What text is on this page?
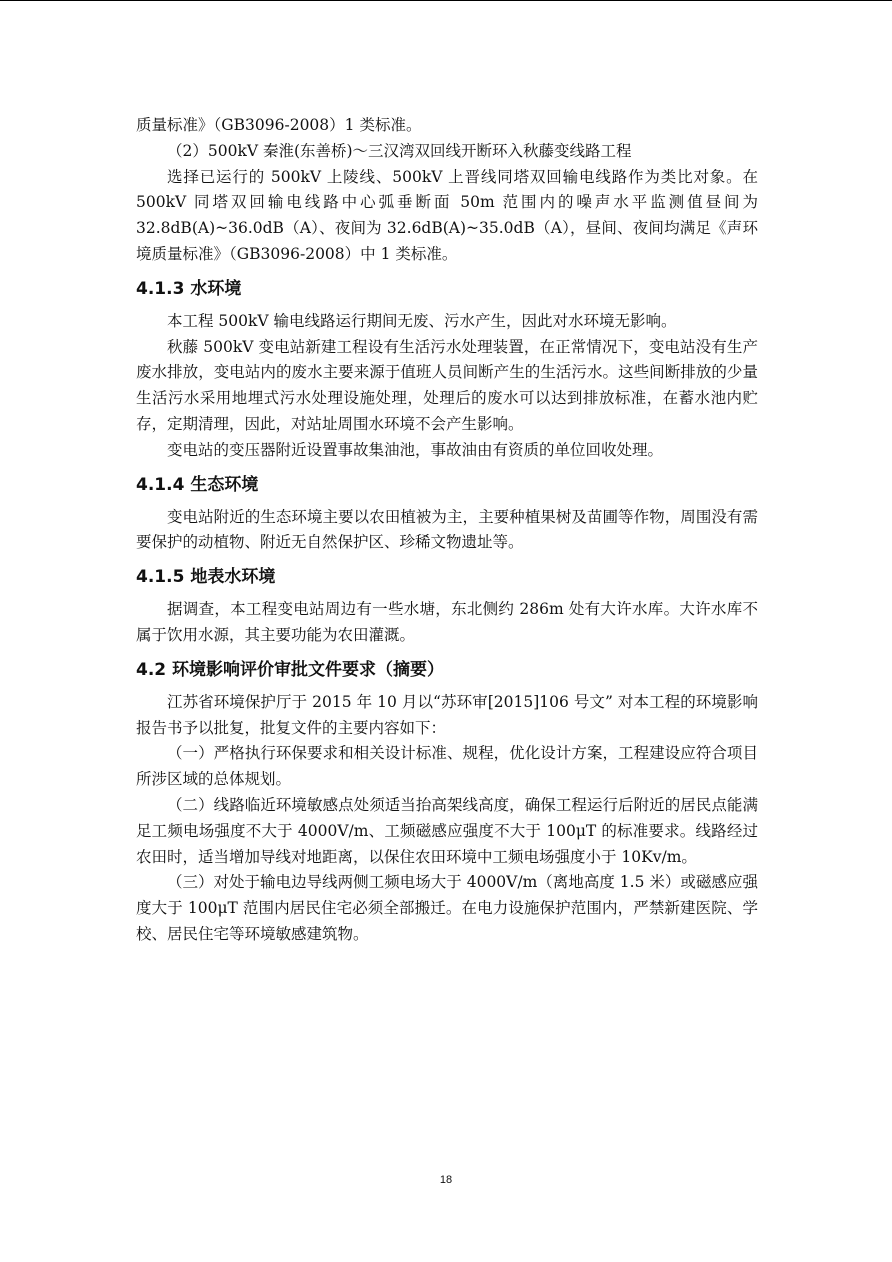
质量标准》（GB3096-2008）1 类标准。

（2）500kV 秦淮(东善桥)～三汉湾双回线开断环入秋藤变线路工程

选择已运行的 500kV 上陵线、500kV 上晋线同塔双回输电线路作为类比对象。在 500kV 同塔双回输电线路中心弧垂断面 50m 范围内的噪声水平监测值昼间为 32.8dB(A)~36.0dB（A）、夜间为 32.6dB(A)~35.0dB（A），昼间、夜间均满足《声环境质量标准》（GB3096-2008）中 1 类标准。

4.1.3 水环境

本工程 500kV 输电线路运行期间无废、污水产生，因此对水环境无影响。

秋藤 500kV 变电站新建工程设有生活污水处理装置，在正常情况下，变电站没有生产废水排放，变电站内的废水主要来源于值班人员间断产生的生活污水。这些间断排放的少量生活污水采用地埋式污水处理设施处理，处理后的废水可以达到排放标准，在蓄水池内贮存，定期清理，因此，对站址周围水环境不会产生影响。

变电站的变压器附近设置事故集油池，事故油由有资质的单位回收处理。

4.1.4 生态环境

变电站附近的生态环境主要以农田植被为主，主要种植果树及苗圃等作物，周围没有需要保护的动植物、附近无自然保护区、珍稀文物遗址等。

4.1.5 地表水环境

据调查，本工程变电站周边有一些水塘，东北侧约 286m 处有大许水库。大许水库不属于饮用水源，其主要功能为农田灌溉。

4.2 环境影响评价审批文件要求（摘要）

江苏省环境保护厅于 2015 年 10 月以“苏环审[2015]106 号文” 对本工程的环境影响报告书予以批复，批复文件的主要内容如下：

（一）严格执行环保要求和相关设计标准、规程，优化设计方案，工程建设应符合项目所涉区域的总体规划。

（二）线路临近环境敏感点处须适当抬高架线高度，确保工程运行后附近的居民点能满足工频电场强度不大于 4000V/m、工频磁感应强度不大于 100μT 的标准要求。线路经过农田时，适当增加导线对地距离，以保住农田环境中工频电场强度小于 10Kv/m。

（三）对处于输电边导线两侧工频电场大于 4000V/m（离地高度 1.5 米）或磁感应强度大于 100μT 范围内居民住宅必须全部搬迁。在电力设施保护范围内，严禁新建医院、学校、居民住宅等环境敏感建筑物。

18
